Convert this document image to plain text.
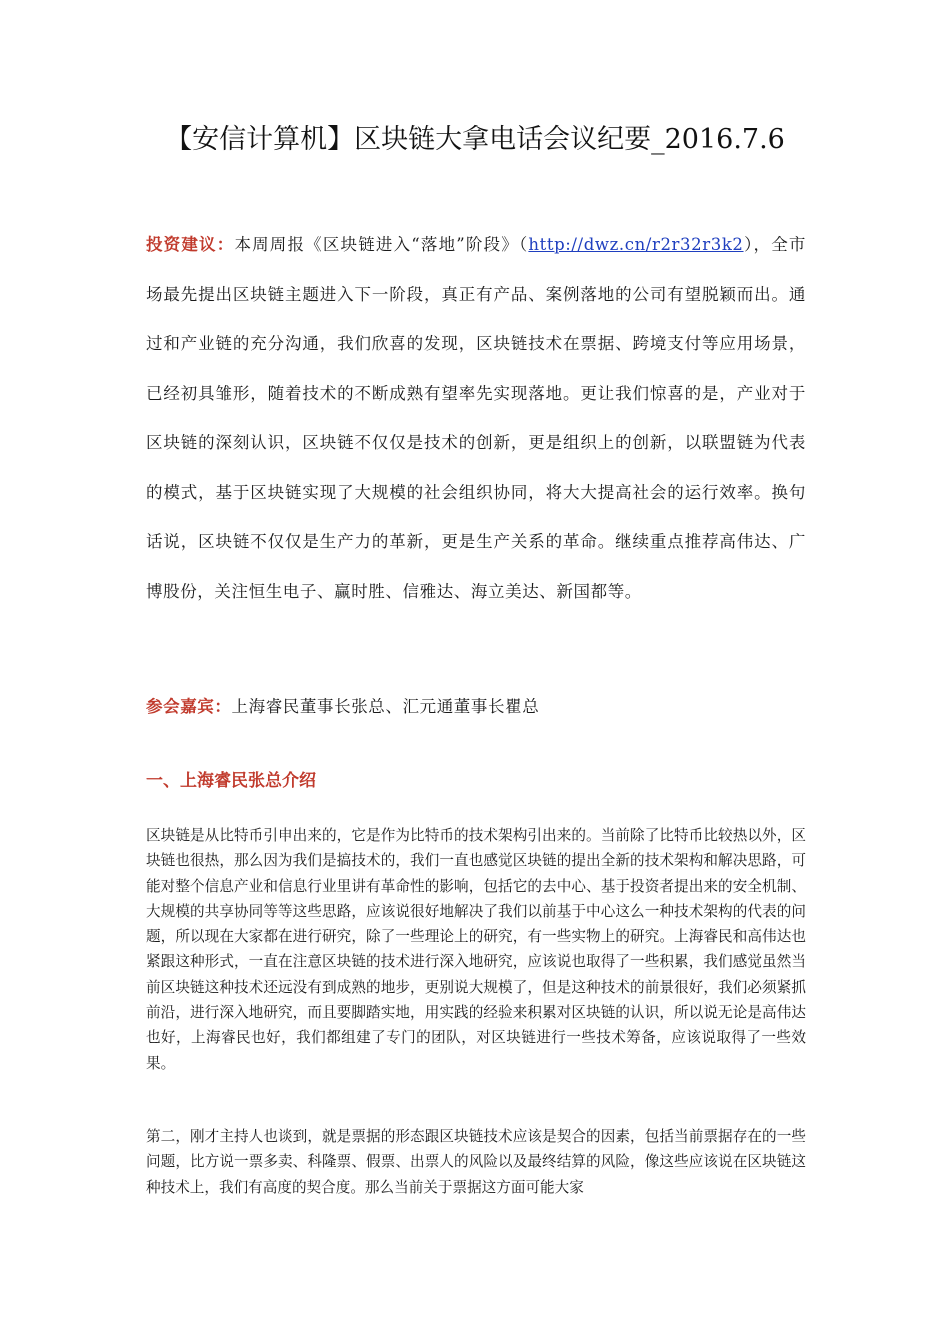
【安信计算机】区块链大拿电话会议纪要_2016.7.6
投资建议：本周周报《区块链进入“落地”阶段》（http://dwz.cn/r2r32r3k2），全市场最先提出区块链主题进入下一阶段，真正有产品、案例落地的公司有望脱颖而出。通过和产业链的充分沟通，我们欣喜的发现，区块链技术在票据、跨境支付等应用场景，已经初具雏形，随着技术的不断成熟有望率先实现落地。更让我们惊喜的是，产业对于区块链的深刻认识，区块链不仅仅是技术的创新，更是组织上的创新，以联盟链为代表的模式，基于区块链实现了大规模的社会组织协同，将大大提高社会的运行效率。换句话说，区块链不仅仅是生产力的革新，更是生产关系的革命。继续重点推荐高伟达、广博股份，关注恒生电子、赢时胜、信雅达、海立美达、新国都等。
参会嘉宾：上海睿民董事长张总、汇元通董事长瞿总
一、上海睿民张总介绍
区块链是从比特币引申出来的，它是作为比特币的技术架构引出来的。当前除了比特币比较热以外，区块链也很热，那么因为我们是搞技术的，我们一直也感觉区块链的提出全新的技术架构和解决思路，可能对整个信息产业和信息行业里讲有革命性的影响，包括它的去中心、基于投资者提出来的安全机制、大规模的共享协同等等这些思路，应该说很好地解决了我们以前基于中心这么一种技术架构的代表的问题，所以现在大家都在进行研究，除了一些理论上的研究，有一些实物上的研究。上海睿民和高伟达也紧跟这种形式，一直在注意区块链的技术进行深入地研究，应该说也取得了一些积累，我们感觉虽然当前区块链这种技术还远没有到成熟的地步，更别说大规模了，但是这种技术的前景很好，我们必须紧抓前沿，进行深入地研究，而且要脚踏实地，用实践的经验来积累对区块链的认识，所以说无论是高伟达也好，上海睿民也好，我们都组建了专门的团队，对区块链进行一些技术筹备，应该说取得了一些效果。
第二，刚才主持人也谈到，就是票据的形态跟区块链技术应该是契合的因素，包括当前票据存在的一些问题，比方说一票多卖、科隆票、假票、出票人的风险以及最终结算的风险，像这些应该说在区块链这种技术上，我们有高度的契合度。那么当前关于票据这方面可能大家
